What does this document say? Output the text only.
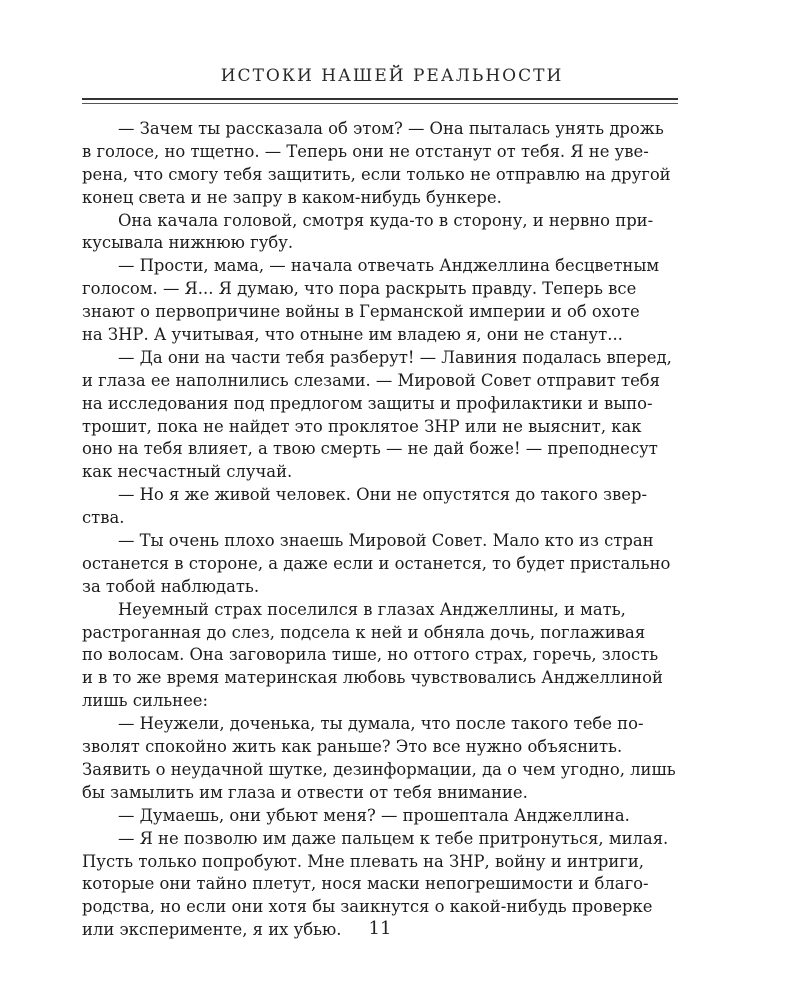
ИСТОКИ НАШЕЙ РЕАЛЬНОСТИ
— Зачем ты рассказала об этом? — Она пыталась унять дрожь
в голосе, но тщетно. — Теперь они не отстанут от тебя. Я не уве-
рена, что смогу тебя защитить, если только не отправлю на другой
конец света и не запру в каком-нибудь бункере.
Она качала головой, смотря куда-то в сторону, и нервно при-
кусывала нижнюю губу.
— Прости, мама, — начала отвечать Анджеллина бесцветным
голосом. — Я... Я думаю, что пора раскрыть правду. Теперь все
знают о первопричине войны в Германской империи и об охоте
на ЗНР. А учитывая, что отныне им владею я, они не станут...
— Да они на части тебя разберут! — Лавиния подалась вперед,
и глаза ее наполнились слезами. — Мировой Совет отправит тебя
на исследования под предлогом защиты и профилактики и выпо-
трошит, пока не найдет это проклятое ЗНР или не выяснит, как
оно на тебя влияет, а твою смерть — не дай боже! — преподнесут
как несчастный случай.
— Но я же живой человек. Они не опустятся до такого звер-
ства.
— Ты очень плохо знаешь Мировой Совет. Мало кто из стран
останется в стороне, а даже если и останется, то будет пристально
за тобой наблюдать.
Неуемный страх поселился в глазах Анджеллины, и мать,
растроганная до слез, подсела к ней и обняла дочь, поглаживая
по волосам. Она заговорила тише, но оттого страх, горечь, злость
и в то же время материнская любовь чувствовались Анджеллиной
лишь сильнее:
— Неужели, доченька, ты думала, что после такого тебе по-
зволят спокойно жить как раньше? Это все нужно объяснить.
Заявить о неудачной шутке, дезинформации, да о чем угодно, лишь
бы замылить им глаза и отвести от тебя внимание.
— Думаешь, они убьют меня? — прошептала Анджеллина.
— Я не позволю им даже пальцем к тебе притронуться, милая.
Пусть только попробуют. Мне плевать на ЗНР, войну и интриги,
которые они тайно плетут, нося маски непогрешимости и благо-
родства, но если они хотя бы заикнутся о какой-нибудь проверке
или эксперименте, я их убью.	11
